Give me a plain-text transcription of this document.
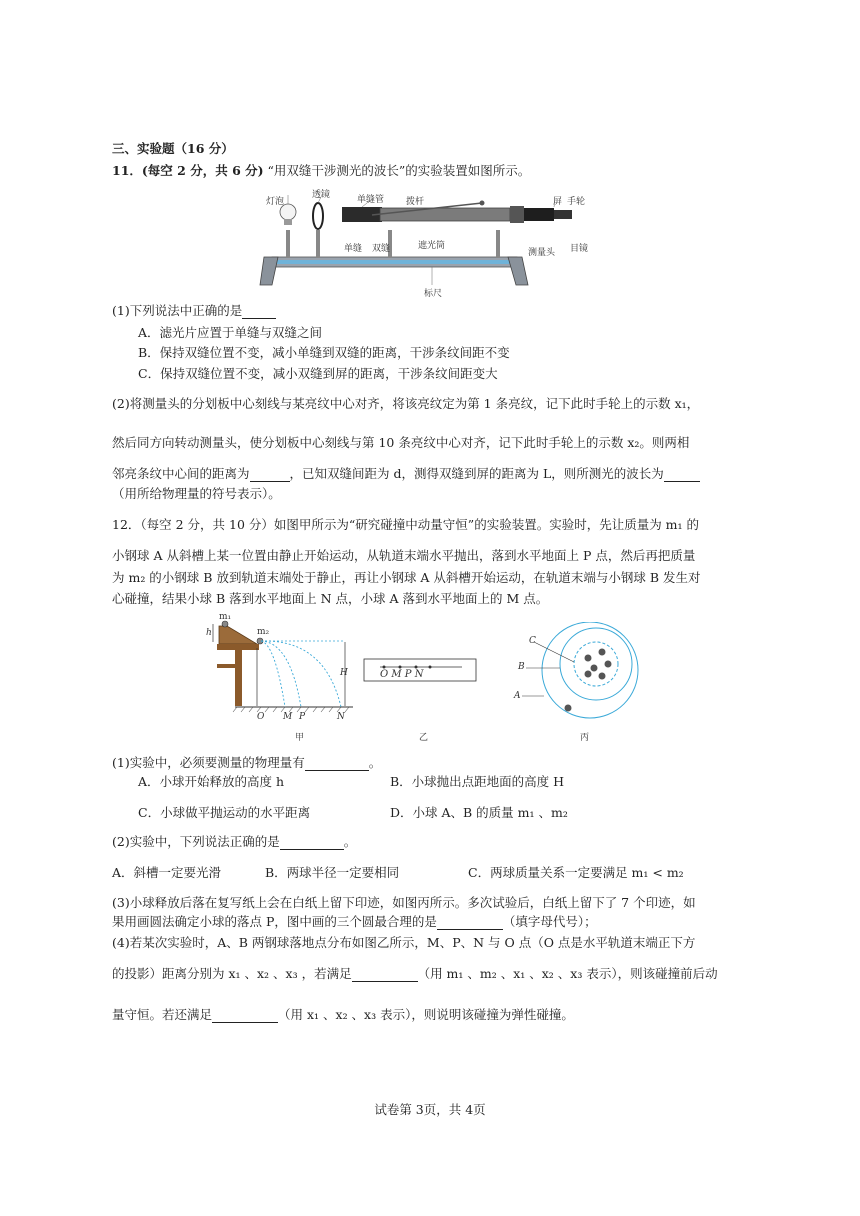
三、实验题（16 分）
11．(每空 2 分，共 6 分) “用双缝干涉测光的波长”的实验装置如图所示。
灯泡
透镜	单缝管 拨杆	屏 手轮
单缝 双缝	遮光筒
测量头 目镜
标尺
(1)下列说法中正确的是
A．滤光片应置于单缝与双缝之间
B．保持双缝位置不变，减小单缝到双缝的距离，干涉条纹间距不变
C．保持双缝位置不变，减小双缝到屏的距离，干涉条纹间距变大
(2)将测量头的分划板中心刻线与某亮纹中心对齐，将该亮纹定为第 1 条亮纹，记下此时手轮上的示数 x₁，
然后同方向转动测量头，使分划板中心刻线与第 10 条亮纹中心对齐，记下此时手轮上的示数 x₂。则两相
邻亮条纹中心间的距离为	，已知双缝间距为 d，测得双缝到屏的距离为 L，则所测光的波长为
（用所给物理量的符号表示）。
12．（每空 2 分，共 10 分）如图甲所示为“研究碰撞中动量守恒”的实验装置。实验时，先让质量为 m₁ 的
小钢球 A 从斜槽上某一位置由静止开始运动，从轨道末端水平抛出，落到水平地面上 P 点，然后再把质量
为 m₂ 的小钢球 B 放到轨道末端处于静止，再让小钢球 A 从斜槽开始运动，在轨道末端与小钢球 B 发生对
心碰撞，结果小球 B 落到水平地面上 N 点，小球 A 落到水平地面上的 M 点。
m₁
m₂
h
H
O M P	N
甲
O M P N
乙
C
B
A
丙
(1)实验中，必须要测量的物理量有	。
A．小球开始释放的高度 h	B．小球抛出点距地面的高度 H
C．小球做平抛运动的水平距离	D．小球 A、B 的质量 m₁ 、m₂
(2)实验中，下列说法正确的是	。
A．斜槽一定要光滑	B．两球半径一定要相同	C．两球质量关系一定要满足 m₁ < m₂
(3)小球释放后落在复写纸上会在白纸上留下印迹，如图丙所示。多次试验后，白纸上留下了 7 个印迹，如
果用画圆法确定小球的落点 P，图中画的三个圆最合理的是	（填字母代号）；
(4)若某次实验时，A、B 两钢球落地点分布如图乙所示，M、P、N 与 O 点（O 点是水平轨道末端正下方
的投影）距离分别为 x₁ 、x₂ 、x₃ ，若满足	（用 m₁ 、m₂ 、x₁ 、x₂ 、x₃ 表示），则该碰撞前后动
量守恒。若还满足	（用 x₁ 、x₂ 、x₃ 表示），则说明该碰撞为弹性碰撞。
试卷第 3页，共 4页
